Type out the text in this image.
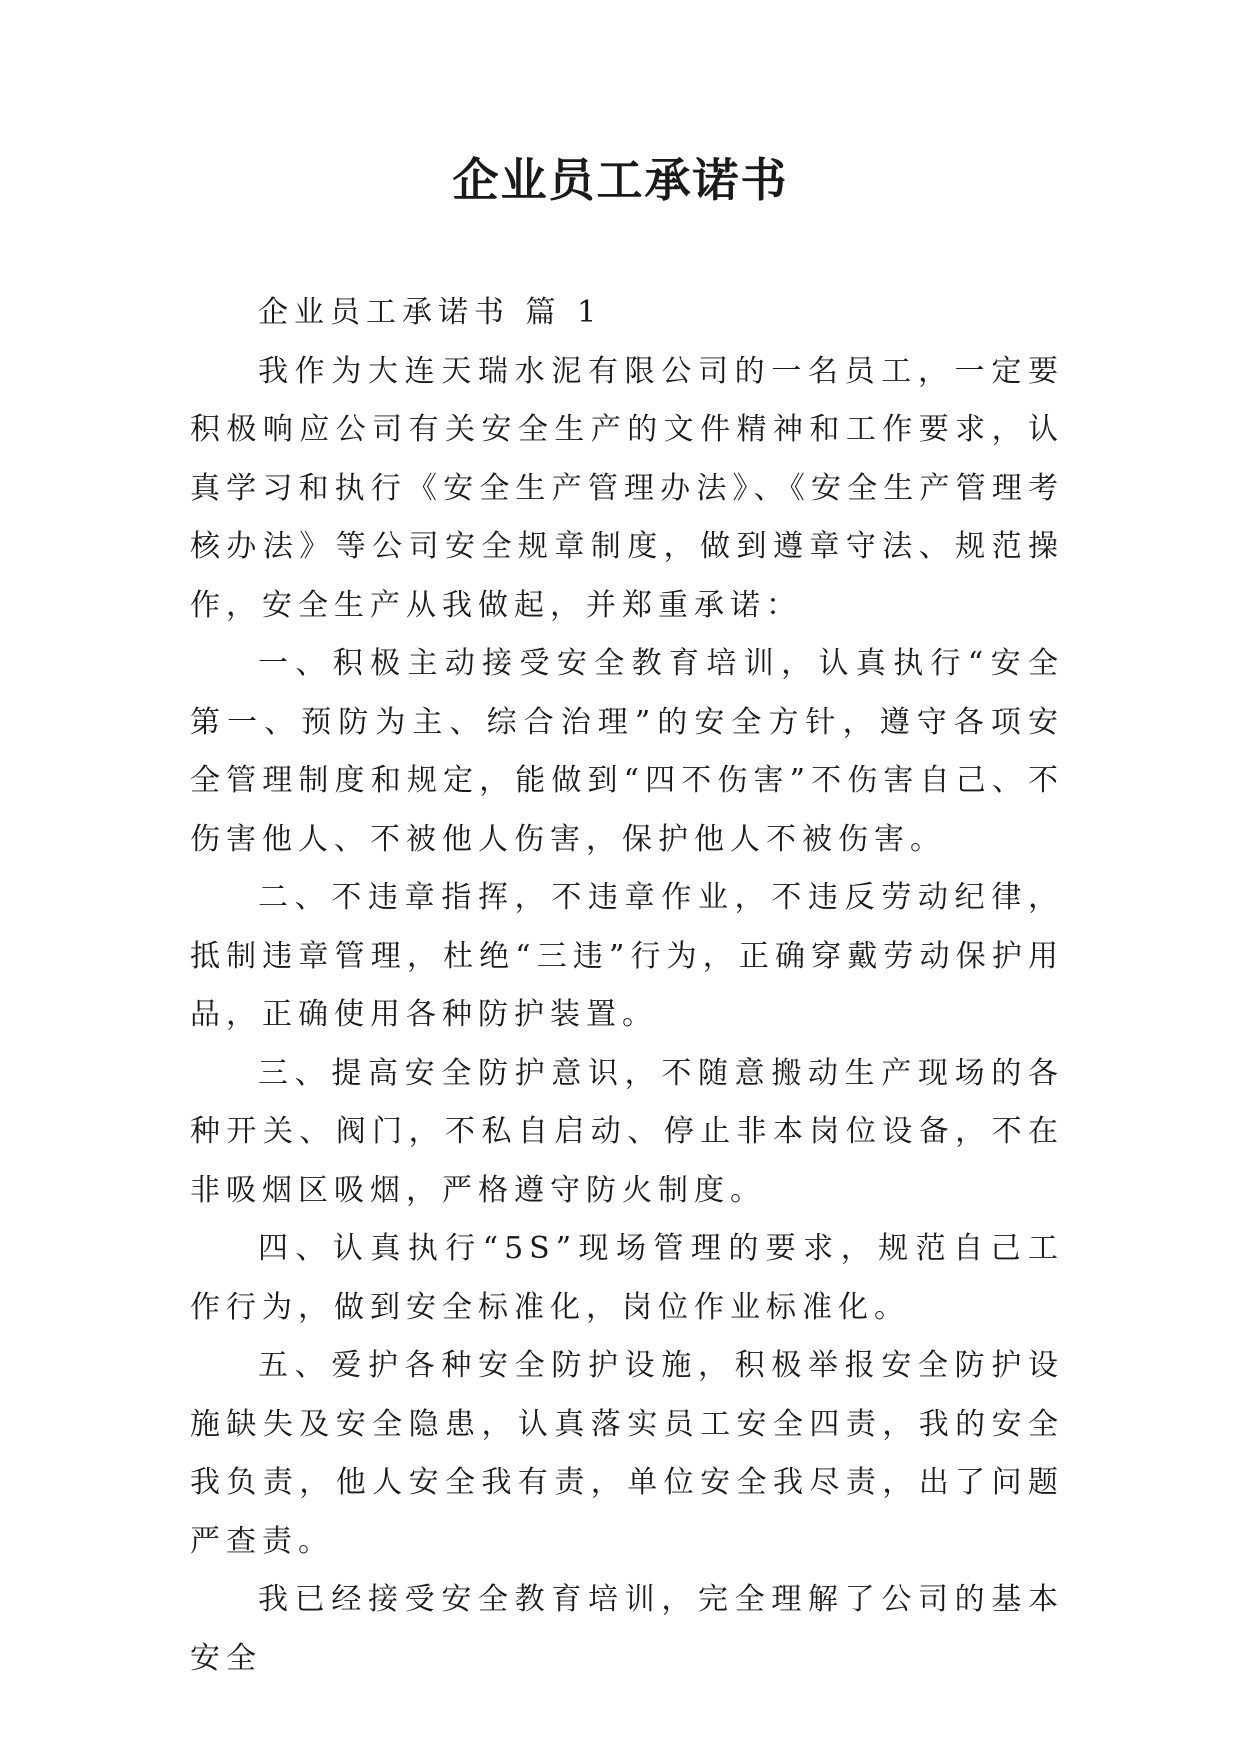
企业员工承诺书

企业员工承诺书 篇 1

我作为大连天瑞水泥有限公司的一名员工，一定要积极响应公司有关安全生产的文件精神和工作要求，认真学习和执行《安全生产管理办法》、《安全生产管理考核办法》等公司安全规章制度，做到遵章守法、规范操作，安全生产从我做起，并郑重承诺：

一、积极主动接受安全教育培训，认真执行“安全第一、预防为主、综合治理”的安全方针，遵守各项安全管理制度和规定，能做到“四不伤害”不伤害自己、不伤害他人、不被他人伤害，保护他人不被伤害。

二、不违章指挥，不违章作业，不违反劳动纪律，抵制违章管理，杜绝“三违”行为，正确穿戴劳动保护用品，正确使用各种防护装置。

三、提高安全防护意识，不随意搬动生产现场的各种开关、阀门，不私自启动、停止非本岗位设备，不在非吸烟区吸烟，严格遵守防火制度。

四、认真执行“5S”现场管理的要求，规范自己工作行为，做到安全标准化，岗位作业标准化。

五、爱护各种安全防护设施，积极举报安全防护设施缺失及安全隐患，认真落实员工安全四责，我的安全我负责，他人安全我有责，单位安全我尽责，出了问题严查责。

我已经接受安全教育培训，完全理解了公司的基本安全
